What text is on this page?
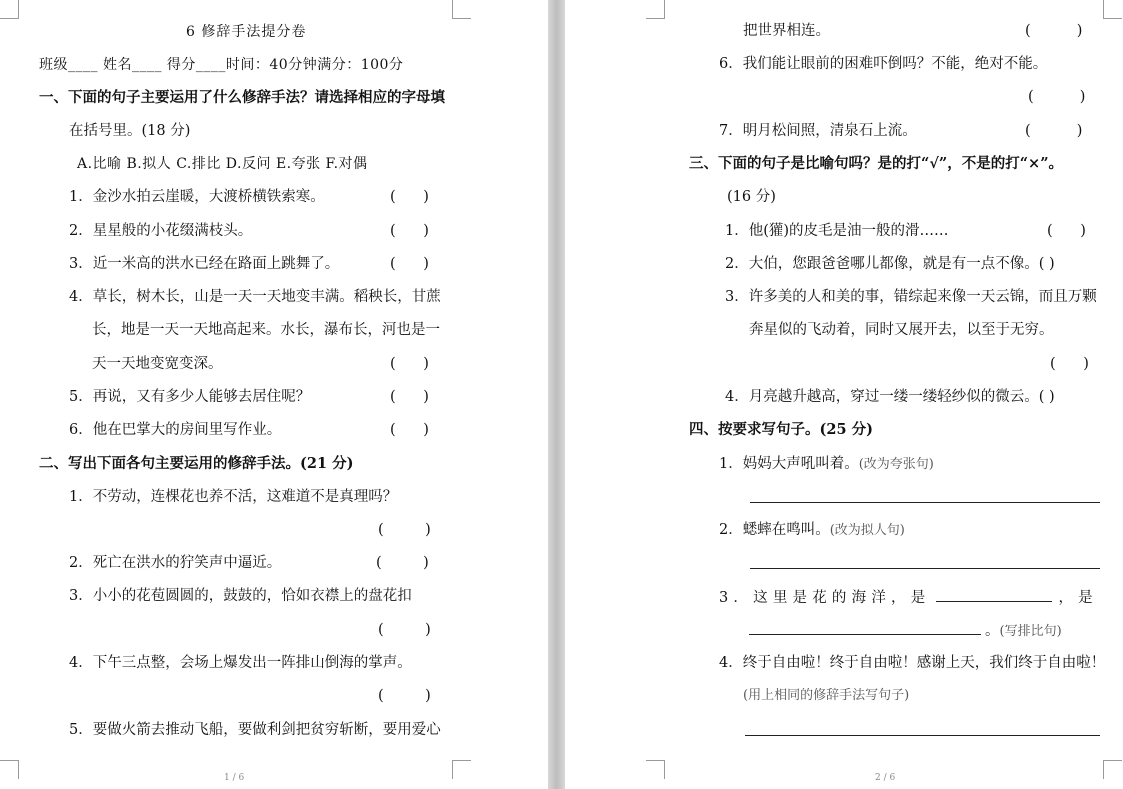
6 修辞手法提分卷
班级____ 姓名____ 得分____时间：40分钟满分：100分
一、下面的句子主要运用了什么修辞手法？请选择相应的字母填
在括号里。(18 分)
A.比喻 B.拟人 C.排比 D.反问 E.夸张 F.对偶
1．金沙水拍云崖暖，大渡桥横铁索寒。	(      )
2．星星般的小花缀满枝头。	(      )
3．近一米高的洪水已经在路面上跳舞了。	(      )
4．草长，树木长，山是一天一天地变丰满。稻秧长，甘蔗
长，地是一天一天地高起来。水长，瀑布长，河也是一
天一天地变宽变深。	(      )
5．再说，又有多少人能够去居住呢？	(      )
6．他在巴掌大的房间里写作业。	(      )
二、写出下面各句主要运用的修辞手法。(21 分)
1．不劳动，连棵花也养不活，这难道不是真理吗？
(         )
2．死亡在洪水的狞笑声中逼近。	(         )
3．小小的花苞圆圆的，鼓鼓的，恰如衣襟上的盘花扣
(         )
4．下午三点整，会场上爆发出一阵排山倒海的掌声。
(         )
5．要做火箭去推动飞船，要做利剑把贫穷斩断，要用爱心
1 / 6
把世界相连。	(          )
6．我们能让眼前的困难吓倒吗？不能，绝对不能。
(          )
7．明月松间照，清泉石上流。	(          )
三、下面的句子是比喻句吗？是的打“√”，不是的打“×”。
(16 分)
1．他(獾)的皮毛是油一般的滑……	(      )
2．大伯，您跟爸爸哪儿都像，就是有一点不像。( )
3．许多美的人和美的事，错综起来像一天云锦，而且万颗
奔星似的飞动着，同时又展开去，以至于无穷。
(      )
4．月亮越升越高，穿过一缕一缕轻纱似的微云。( )
四、按要求写句子。(25 分)
1．妈妈大声吼叫着。(改为夸张句)
2．蟋蟀在鸣叫。(改为拟人句)
3．这里是花的海洋，是	，是
。(写排比句)
4．终于自由啦！终于自由啦！感谢上天，我们终于自由啦！
(用上相同的修辞手法写句子)
2 / 6
